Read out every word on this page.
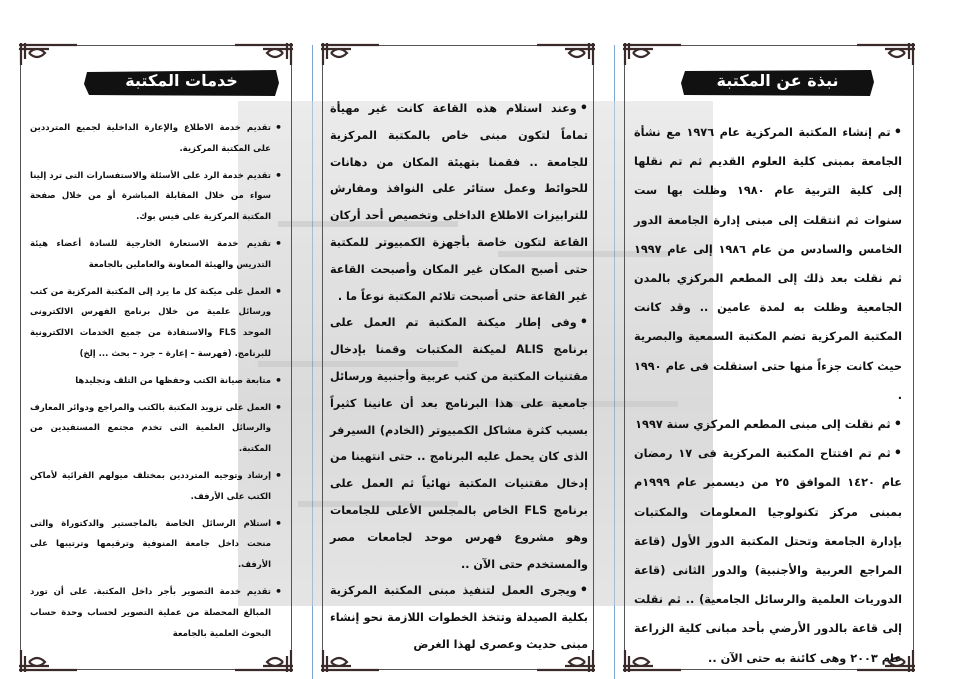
خدمات المكتبة
• تقديم خدمة الاطلاع والإعارة الداخلية لجميع المترددين على المكتبة المركزية.
• تقديم خدمة الرد على الأسئلة والاستفسارات التى ترد إلينا سواء من خلال المقابلة المباشرة أو من خلال صفحة المكتبة المركزية على فيس بوك.
• تقديم خدمة الاستعارة الخارجية للسادة أعضاء هيئة التدريس والهيئة المعاونة والعاملين بالجامعة
• العمل على ميكنة كل ما يرد إلى المكتبة المركزية من كتب ورسائل علمية من خلال برنامج الفهرس الالكترونى الموحد FLS والاستفادة من جميع الخدمات الالكترونية للبرنامج. (فهرسة – إعارة – جرد – بحث ... إلخ)
• متابعة صيانة الكتب وحفظها من التلف وتجليدها
• العمل على تزويد المكتبة بالكتب والمراجع ودوائر المعارف والرسائل العلمية التى تخدم مجتمع المستفيدين من المكتبة.
• إرشاد وتوجيه المترددين بمختلف ميولهم القرائية لأماكن الكتب على الأرفف.
• استلام الرسائل الخاصة بالماجستير والدكتوراة والتى منحت داخل جامعة المنوفية وترقيمها وترتيبها على الأرفف.
• تقديم خدمة التصوير بأجر داخل المكتبة. على أن تورد المبالغ المحصلة من عملية التصوير لحساب وحدة حساب البحوث العلمية بالجامعة

•وعند استلام هذه القاعة كانت غير مهيأة تماماً لتكون مبنى خاص بالمكتبة المركزية للجامعة .. فقمنا بتهيئة المكان من دهانات للحوائط وعمل ستائر على النوافذ ومفارش للترابيزات الاطلاع الداخلى وتخصيص أحد أركان القاعة لتكون خاصة بأجهزة الكمبيوتر للمكتبة حتى أصبح المكان غير المكان وأصبحت القاعة غير القاعة حتى أصبحت تلائم المكتبة نوعاً ما .

•وفى إطار ميكنة المكتبة تم العمل على برنامج ALIS لميكنة المكتبات وقمنا بإدخال مقتنيات المكتبة من كتب عربية وأجنبية ورسائل جامعية على هذا البرنامج بعد أن عانينا كثيراً بسبب كثرة مشاكل الكمبيوتر (الخادم) السيرفر الذى كان يحمل عليه البرنامج .. حتى انتهينا من إدخال مقتنيات المكتبة نهائياً ثم العمل على برنامج FLS الخاص بالمجلس الأعلى للجامعات وهو مشروع فهرس موحد لجامعات مصر والمستخدم حتى الآن ..

•ويجرى العمل لتنفيذ مبنى المكتبة المركزية بكلية الصيدلة وتتخذ الخطوات اللازمة نحو إنشاء مبنى حديث وعصرى لهذا الغرض

نبذة عن المكتبة

•تم إنشاء المكتبة المركزية عام ١٩٧٦ مع نشأة الجامعة بمبنى كلية العلوم القديم ثم تم نقلها إلى كلية التربية عام ١٩٨٠ وظلت بها ست سنوات ثم انتقلت إلى مبنى إدارة الجامعة الدور الخامس والسادس من عام ١٩٨٦ إلى عام ١٩٩٧ ثم نقلت بعد ذلك إلى المطعم المركزي بالمدن الجامعية وظلت به لمدة عامين .. وقد كانت المكتبة المركزية تضم المكتبة السمعية والبصرية حيث كانت جزءاً منها حتى استقلت فى عام ١٩٩٠ .

•ثم نقلت إلى مبنى المطعم المركزي سنة ١٩٩٧

•ثم تم افتتاح المكتبة المركزية فى ١٧ رمضان عام ١٤٢٠ الموافق ٢٥ من ديسمبر عام ١٩٩٩م بمبنى مركز تكنولوجيا المعلومات والمكتبات بإدارة الجامعة وتحتل المكتبة الدور الأول (قاعة المراجع العربية والأجنبية) والدور الثانى (قاعة الدوريات العلمية والرسائل الجامعية) .. ثم نقلت إلى قاعة بالدور الأرضي بأحد مبانى كلية الزراعة عام ٢٠٠٣ وهى كائنة به حتى الآن ..
